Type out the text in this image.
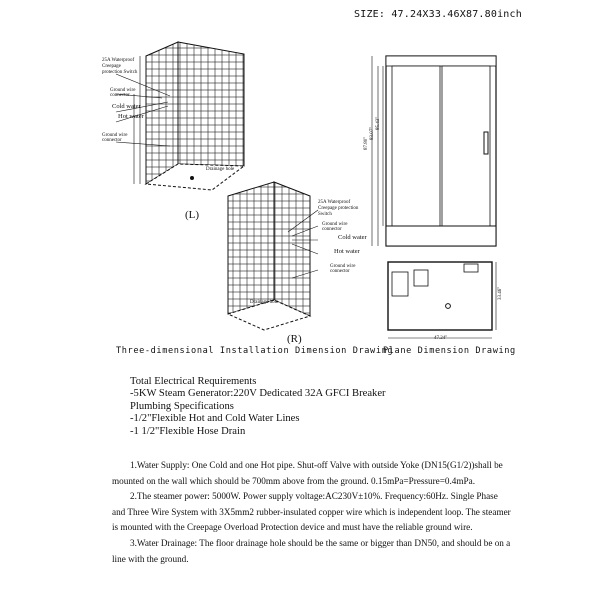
SIZE: 47.24X33.46X87.80inch
25A Waterproof Creepage protection Switch
Ground wire connector
Cold water
Hot water
Ground wire connector
Drainage hole
(L)
25A Waterproof Creepage protection Switch
Ground wire connector
Cold water
Hot water
Ground wire connector
Drainage hole
(R)
87.80"
83.07"
85.43"
47.24"
33.46"
Three-dimensional Installation Dimension Drawing
Plane Dimension Drawing
Total Electrical Requirements
-5KW Steam Generator:220V Dedicated 32A GFCI Breaker
Plumbing Specifications
-1/2"Flexible Hot and Cold Water Lines
-1 1/2"Flexible Hose Drain

1.Water Supply: One Cold and one Hot pipe. Shut-off Valve with outside Yoke (DN15(G1/2))shall be mounted on the wall which should be 700mm above from the ground. 0.15mPa=Pressure=0.4mPa.

2.The steamer power: 5000W. Power supply voltage:AC230V±10%. Frequency:60Hz. Single Phase and Three Wire System with 3X5mm2 rubber-insulated copper wire which is independent loop. The steamer is mounted with the Creepage Overload Protection device and must have the reliable ground wire.

3.Water Drainage: The floor drainage hole should be the same or bigger than DN50, and should be on a line with the ground.
